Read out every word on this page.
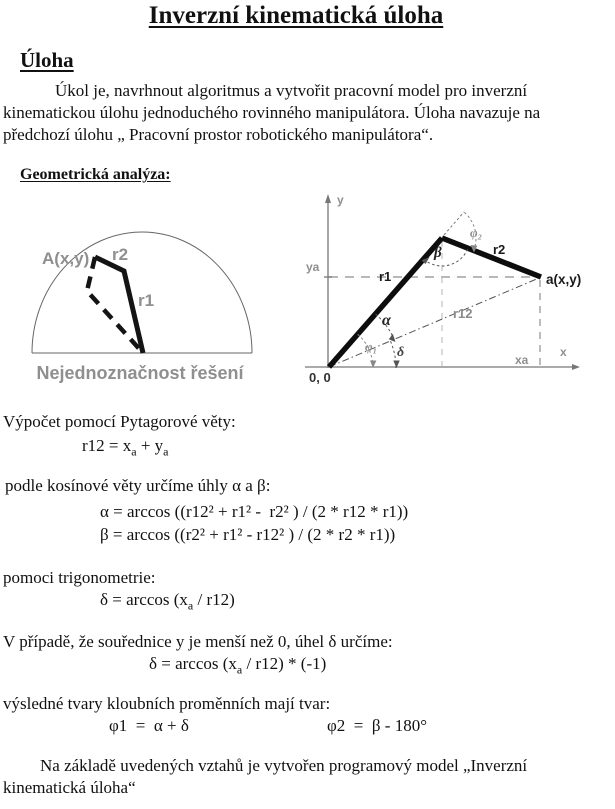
Inverzní kinematická úloha
Úloha

Úkol je, navrhnout algoritmus a vytvořit pracovní model pro inverzní kinematickou úlohu jednoduchého rovinného manipulátora. Úloha navazuje na předchozí úlohu „ Pracovní prostor robotického manipulátora“.

Geometrická analýza:
A(x,y) r2
r1
Nejednoznačnost řešení
y
x
0, 0
ya
xa
a(x,y)
r1
r2
r12
β
φ₂
α
φ₁ δ
Výpočet pomocí Pytagorové věty:
$r12 = x_a + y_a$
podle kosínové věty určíme úhly α a β:
α = arccos ((r12² + r1² -  r2² ) / (2 * r12 * r1))
β = arccos ((r2² + r1² - r12² ) / (2 * r2 * r1))
pomoci trigonometrie:
$\delta = \arccos (x_a / r12)$
V případě, že souřednice y je menší než 0, úhel δ určíme:
$\delta = \arccos (x_a / r12) * (-1)$
výsledné tvary kloubních proměnních mají tvar:
φ1  =  α + δ	φ2  =  β - 180°

Na základě uvedených vztahů je vytvořen programový model „Inverzní kinematická úloha“
